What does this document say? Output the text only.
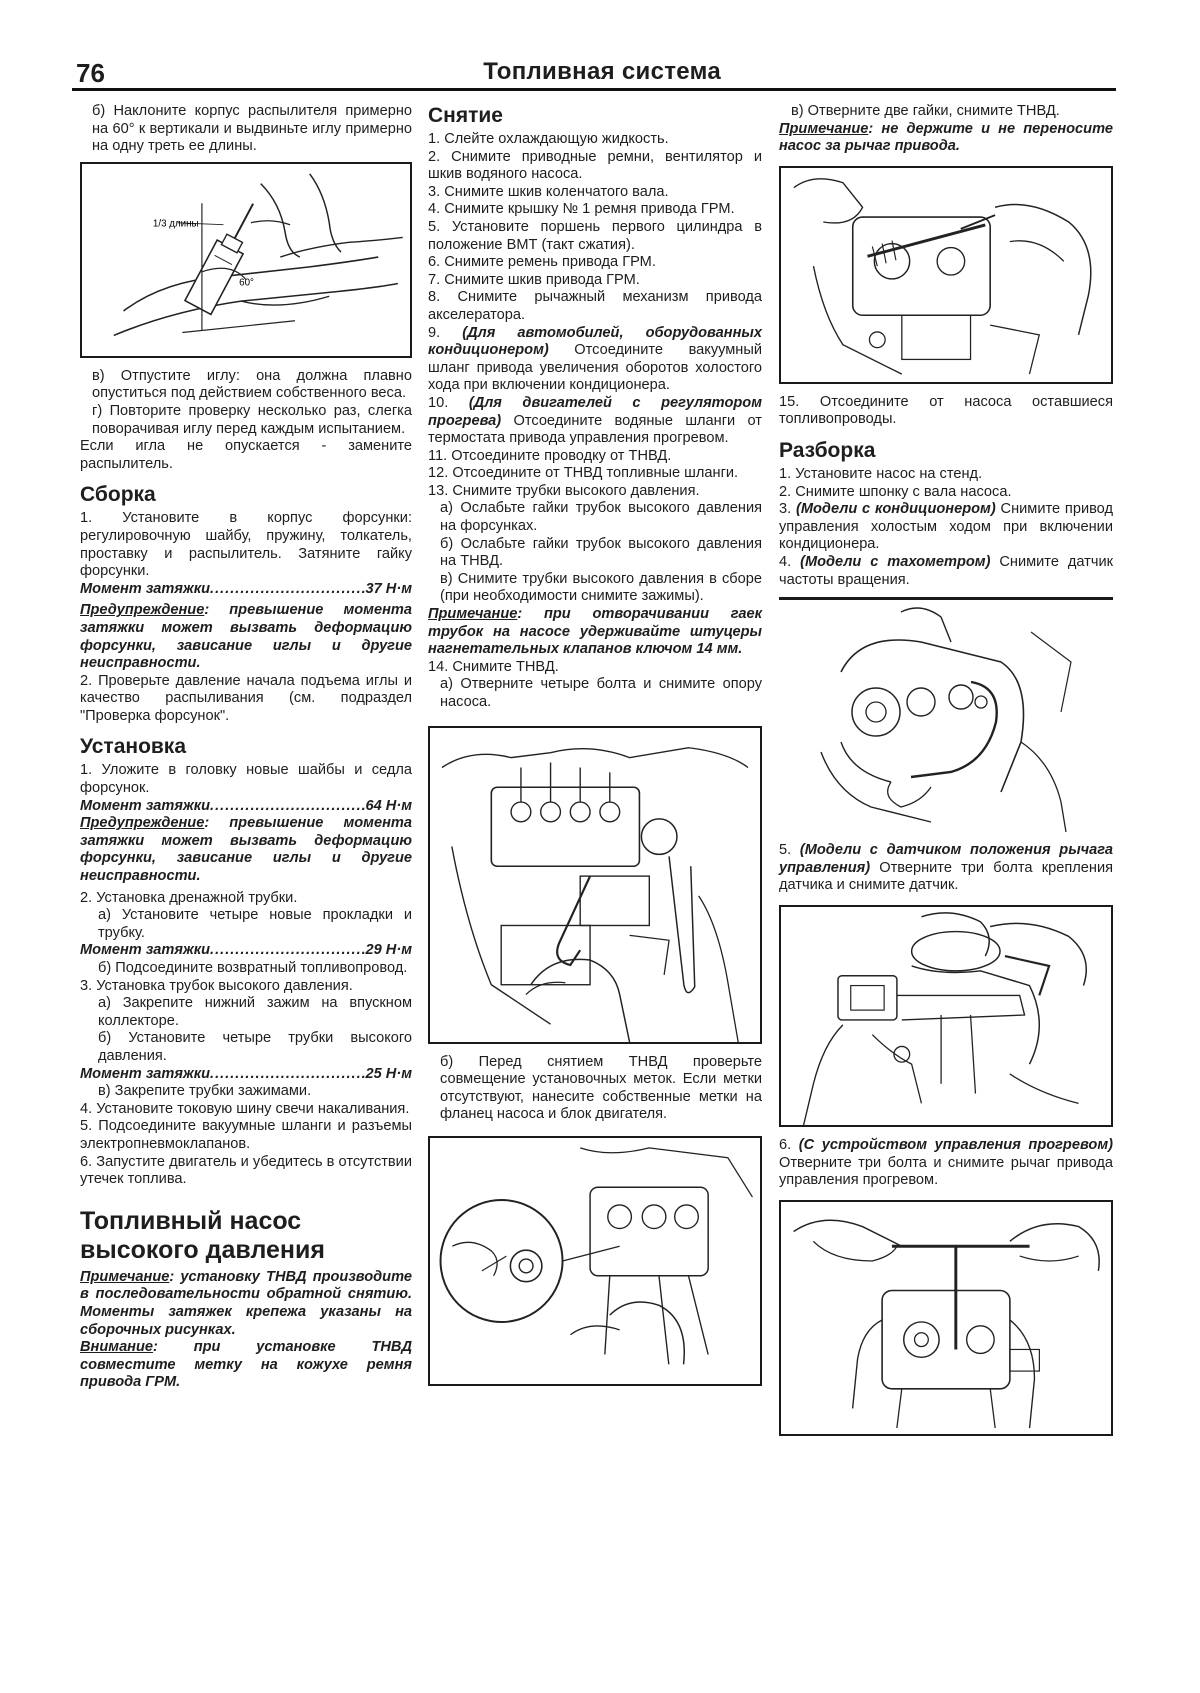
76	Топливная система
б) Наклоните корпус распылителя примерно на 60° к вертикали и выдвиньте иглу примерно на одну треть ее длины.
1/3 длины
60°
в) Отпустите иглу: она должна плавно опуститься под действием собственного веса.
г) Повторите проверку несколько раз, слегка поворачивая иглу перед каждым испытанием.
Если игла не опускается - замените распылитель.
Сборка
1. Установите в корпус форсунки: регулировочную шайбу, пружину, толкатель, проставку и распылитель. Затяните гайку форсунки.
Момент затяжки .....	37 Н·м
Предупреждение: превышение момента затяжки может вызвать деформацию форсунки, зависание иглы и другие неисправности.
2. Проверьте давление начала подъема иглы и качество распыливания (см. подраздел "Проверка форсунок".
Установка
1. Уложите в головку новые шайбы и седла форсунок.
Момент затяжки .....	64 Н·м
Предупреждение: превышение момента затяжки может вызвать деформацию форсунки, зависание иглы и другие неисправности.
2. Установка дренажной трубки.
а) Установите четыре новые прокладки и трубку.
Момент затяжки .....	29 Н·м
б) Подсоедините возвратный топливопровод.
3. Установка трубок высокого давления.
а) Закрепите нижний зажим на впускном коллекторе.
б) Установите четыре трубки высокого давления.
Момент затяжки .....	25 Н·м
в) Закрепите трубки зажимами.
4. Установите токовую шину свечи накаливания.
5. Подсоедините вакуумные шланги и разъемы электропневмоклапанов.
6. Запустите двигатель и убедитесь в отсутствии утечек топлива.
Топливный насос высокого давления
Примечание: установку ТНВД производите в последовательности обратной снятию. Моменты затяжек крепежа указаны на сборочных рисунках.
Внимание: при установке ТНВД совместите метку на кожухе ремня привода ГРМ.
Снятие
1. Слейте охлаждающую жидкость.
2. Снимите приводные ремни, вентилятор и шкив водяного насоса.
3. Снимите шкив коленчатого вала.
4. Снимите крышку № 1 ремня привода ГРМ.
5. Установите поршень первого цилиндра в положение ВМТ (такт сжатия).
6. Снимите ремень привода ГРМ.
7. Снимите шкив привода ГРМ.
8. Снимите рычажный механизм привода акселератора.
9. (Для автомобилей, оборудованных кондиционером) Отсоедините вакуумный шланг привода увеличения оборотов холостого хода при включении кондиционера.
10. (Для двигателей с регулятором прогрева) Отсоедините водяные шланги от термостата привода управления прогревом.
11. Отсоедините проводку от ТНВД.
12. Отсоедините от ТНВД топливные шланги.
13. Снимите трубки высокого давления.
а) Ослабьте гайки трубок высокого давления на форсунках.
б) Ослабьте гайки трубок высокого давления на ТНВД.
в) Снимите трубки высокого давления в сборе (при необходимости снимите зажимы).
Примечание: при отворачивании гаек трубок на насосе удерживайте штуцеры нагнетательных клапанов ключом 14 мм.
14. Снимите ТНВД.
а) Отверните четыре болта и снимите опору насоса.
б) Перед снятием ТНВД проверьте совмещение установочных меток. Если метки отсутствуют, нанесите собственные метки на фланец насоса и блок двигателя.
в) Отверните две гайки, снимите ТНВД.
Примечание: не держите и не переносите насос за рычаг привода.
15. Отсоедините от насоса оставшиеся топливопроводы.
Разборка
1. Установите насос на стенд.
2. Снимите шпонку с вала насоса.
3. (Модели с кондиционером) Снимите привод управления холостым ходом при включении кондиционера.
4. (Модели с тахометром) Снимите датчик частоты вращения.
5. (Модели с датчиком положения рычага управления) Отверните три болта крепления датчика и снимите датчик.
6. (С устройством управления прогревом) Отверните три болта и снимите рычаг привода управления прогревом.
